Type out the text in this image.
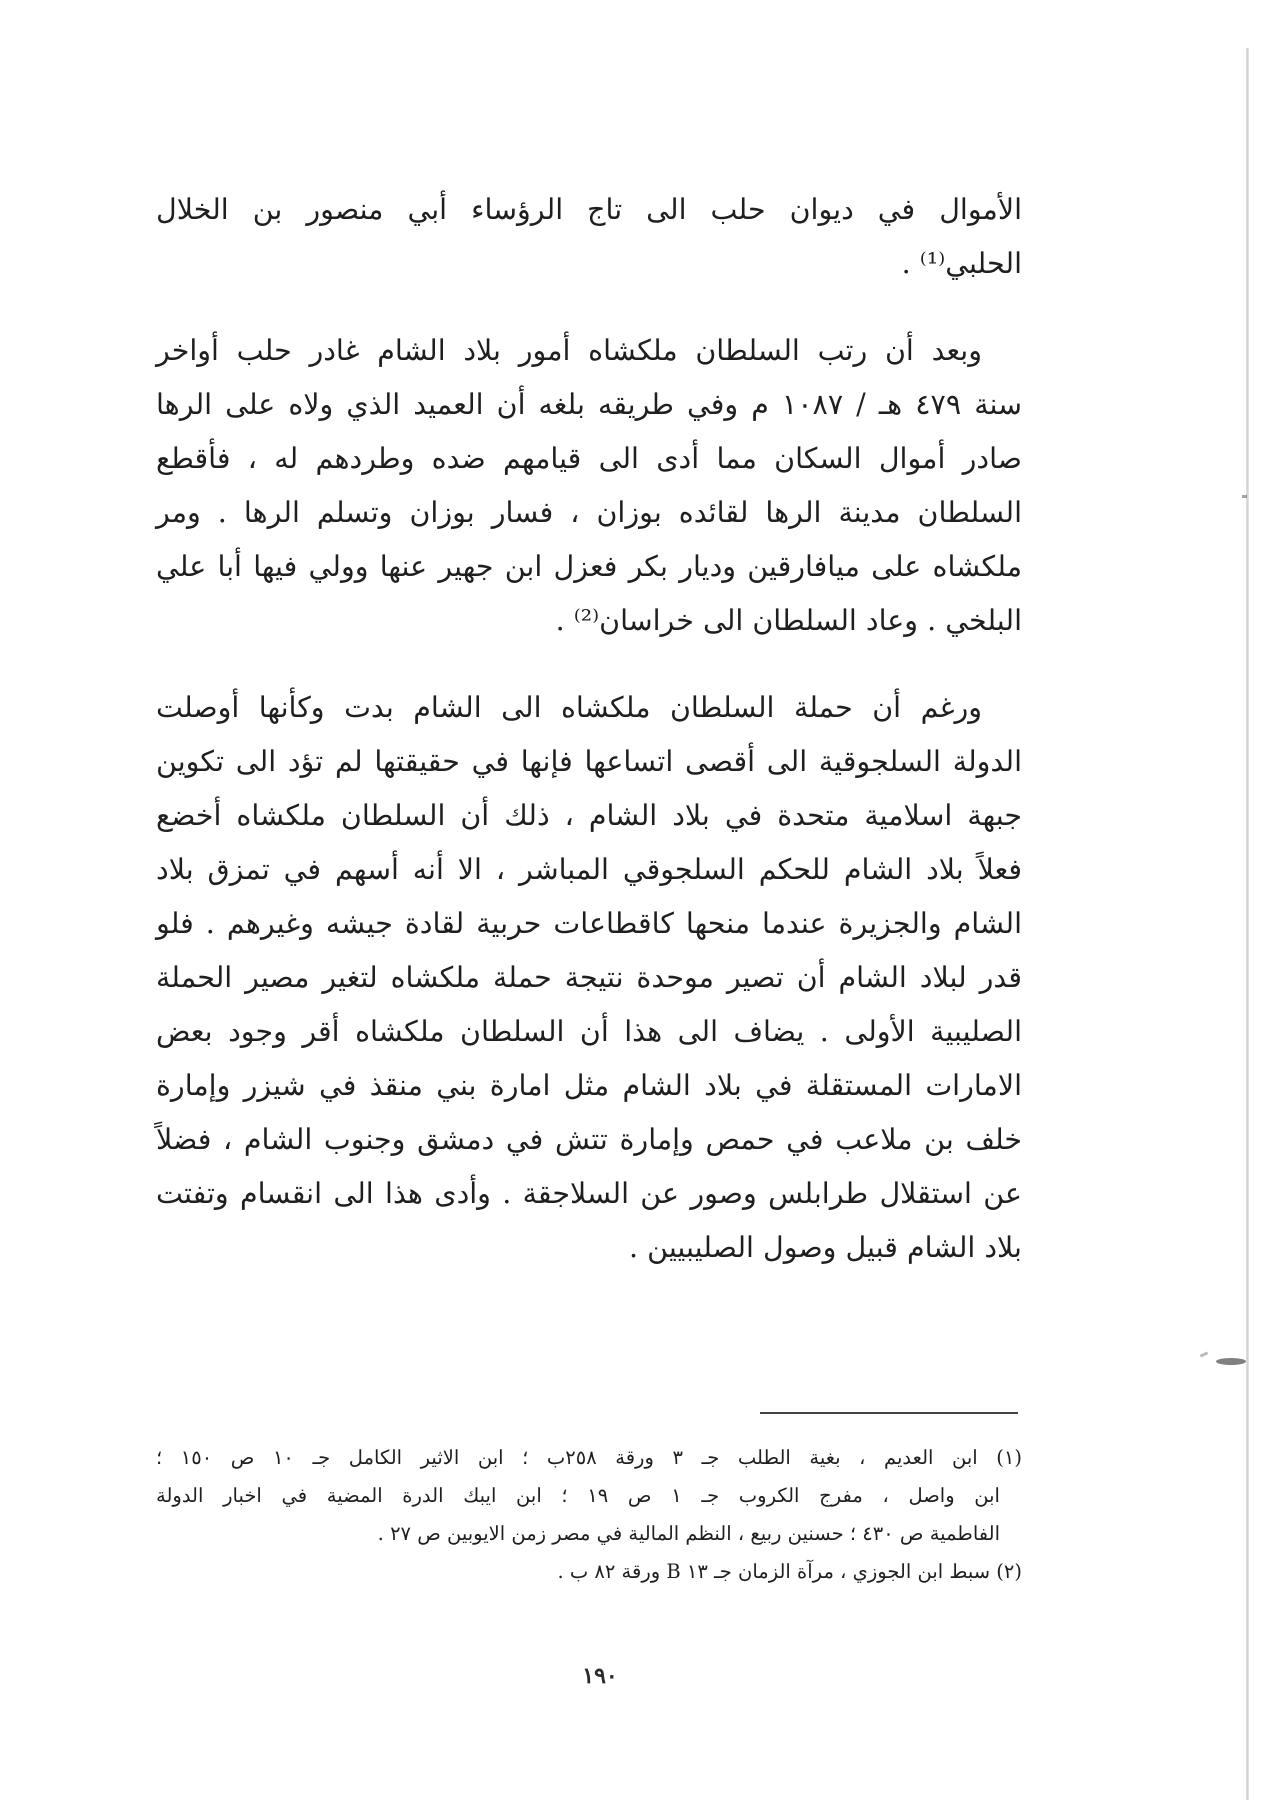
الأموال في ديوان حلب الى تاج الرؤساء أبي منصور بن الخلال
الحلبي⁽¹⁾ .
وبعد أن رتب السلطان ملكشاه أمور بلاد الشام غادر حلب أواخر
سنة ٤٧٩ هـ / ١٠٨٧ م وفي طريقه بلغه أن العميد الذي ولاه على الرها
صادر أموال السكان مما أدى الى قيامهم ضده وطردهم له ، فأقطع
السلطان مدينة الرها لقائده بوزان ، فسار بوزان وتسلم الرها . ومر
ملكشاه على ميافارقين وديار بكر فعزل ابن جهير عنها وولي فيها أبا علي
البلخي . وعاد السلطان الى خراسان⁽²⁾ .
ورغم أن حملة السلطان ملكشاه الى الشام بدت وكأنها أوصلت
الدولة السلجوقية الى أقصى اتساعها فإنها في حقيقتها لم تؤد الى تكوين
جبهة اسلامية متحدة في بلاد الشام ، ذلك أن السلطان ملكشاه أخضع
فعلاً بلاد الشام للحكم السلجوقي المباشر ، الا أنه أسهم في تمزق بلاد
الشام والجزيرة عندما منحها كاقطاعات حربية لقادة جيشه وغيرهم . فلو
قدر لبلاد الشام أن تصير موحدة نتيجة حملة ملكشاه لتغير مصير الحملة
الصليبية الأولى . يضاف الى هذا أن السلطان ملكشاه أقر وجود بعض
الامارات المستقلة في بلاد الشام مثل امارة بني منقذ في شيزر وإمارة
خلف بن ملاعب في حمص وإمارة تتش في دمشق وجنوب الشام ، فضلاً
عن استقلال طرابلس وصور عن السلاجقة . وأدى هذا الى انقسام وتفتت
بلاد الشام قبيل وصول الصليبيين .
(١) ابن العديم ، بغية الطلب جـ ٣ ورقة ٢٥٨ب ؛ ابن الاثير الكامل جـ ١٠ ص ١٥٠ ؛
ابن واصل ، مفرج الكروب جـ ١ ص ١٩ ؛ ابن ايبك الدرة المضية في اخبار الدولة
الفاطمية ص ٤٣٠ ؛ حسنين ربيع ، النظم المالية في مصر زمن الايوبين ص ٢٧ .
(٢) سبط ابن الجوزي ، مرآة الزمان جـ ١٣ B ورقة ٨٢ ب .
١٩٠
